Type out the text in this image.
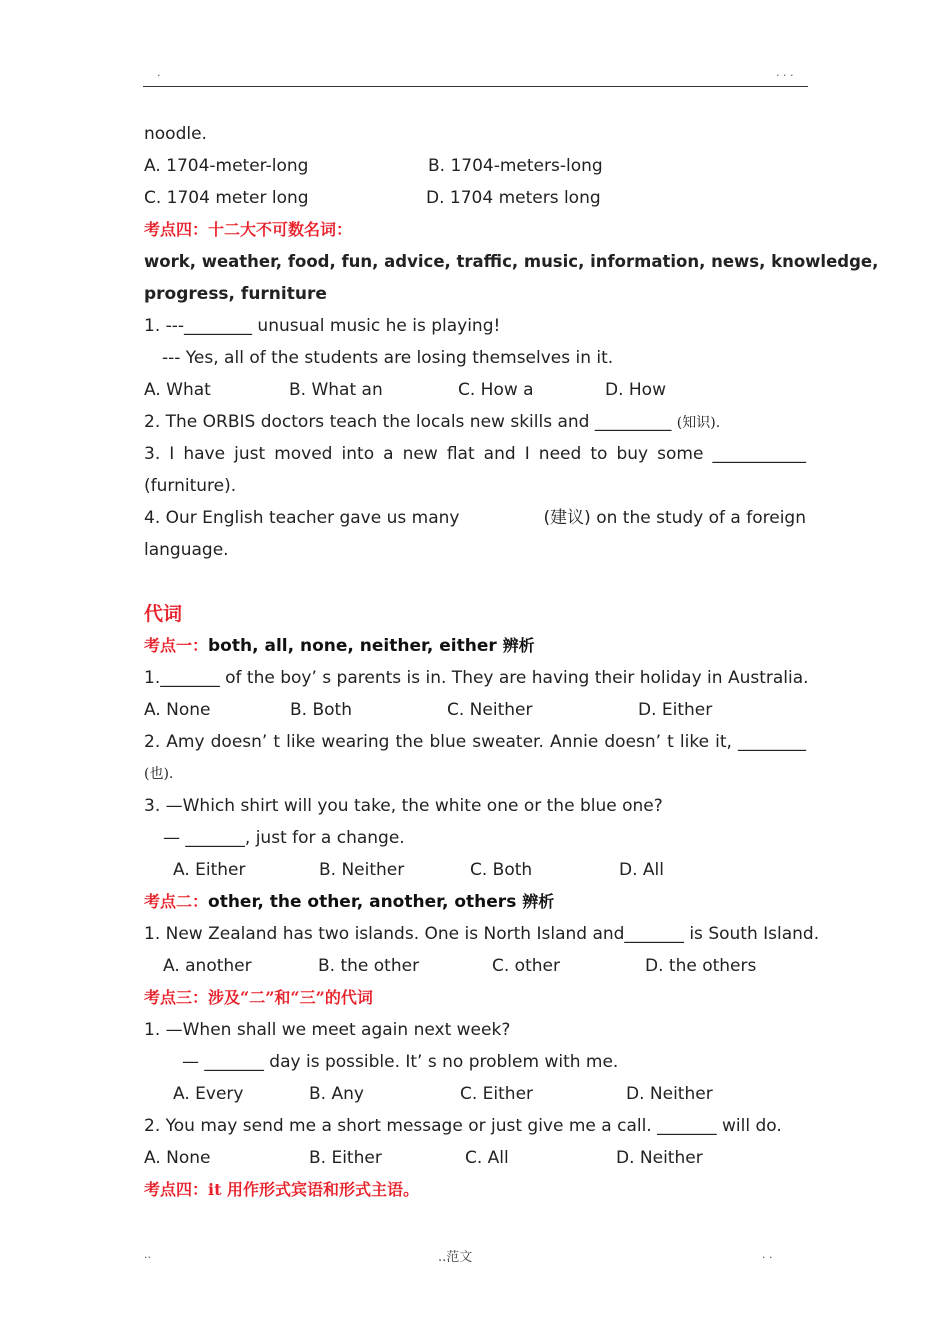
.	. . .
noodle.
A. 1704-meter-long	B. 1704-meters-long
C. 1704 meter long	D. 1704 meters long
考点四：十二大不可数名词：
work, weather, food, fun, advice, traffic, music, information, news, knowledge,
progress, furniture
1. ---________ unusual music he is playing!
--- Yes, all of the students are losing themselves in it.
A. What	B. What an	C. How a	D. How
2. The ORBIS doctors teach the locals new skills and _________ (知识).
3. I have just moved into a new flat and I need to buy some ___________
(furniture).
4. Our English teacher gave us many	(建议) on the study of a foreign
language.
代词
考点一：both, all, none, neither, either 辨析
1._______ of the boy’ s parents is in. They are having their holiday in Australia.
A. None	B. Both	C. Neither	D. Either
2. Amy doesn’ t like wearing the blue sweater. Annie doesn’ t like it, ________
(也).
3. —Which shirt will you take, the white one or the blue one?
— _______, just for a change.
A. Either	B. Neither	C. Both	D. All
考点二：other, the other, another, others 辨析
1. New Zealand has two islands. One is North Island and_______ is South Island.
A. another	B. the other	C. other	D. the others
考点三：涉及“二”和“三”的代词
1. —When shall we meet again next week?
— _______ day is possible. It’ s no problem with me.
A. Every	B. Any	C. Either	D. Neither
2. You may send me a short message or just give me a call. _______ will do.
A. None	B. Either	C. All	D. Neither
考点四：it 用作形式宾语和形式主语。
..	..范文	. .
